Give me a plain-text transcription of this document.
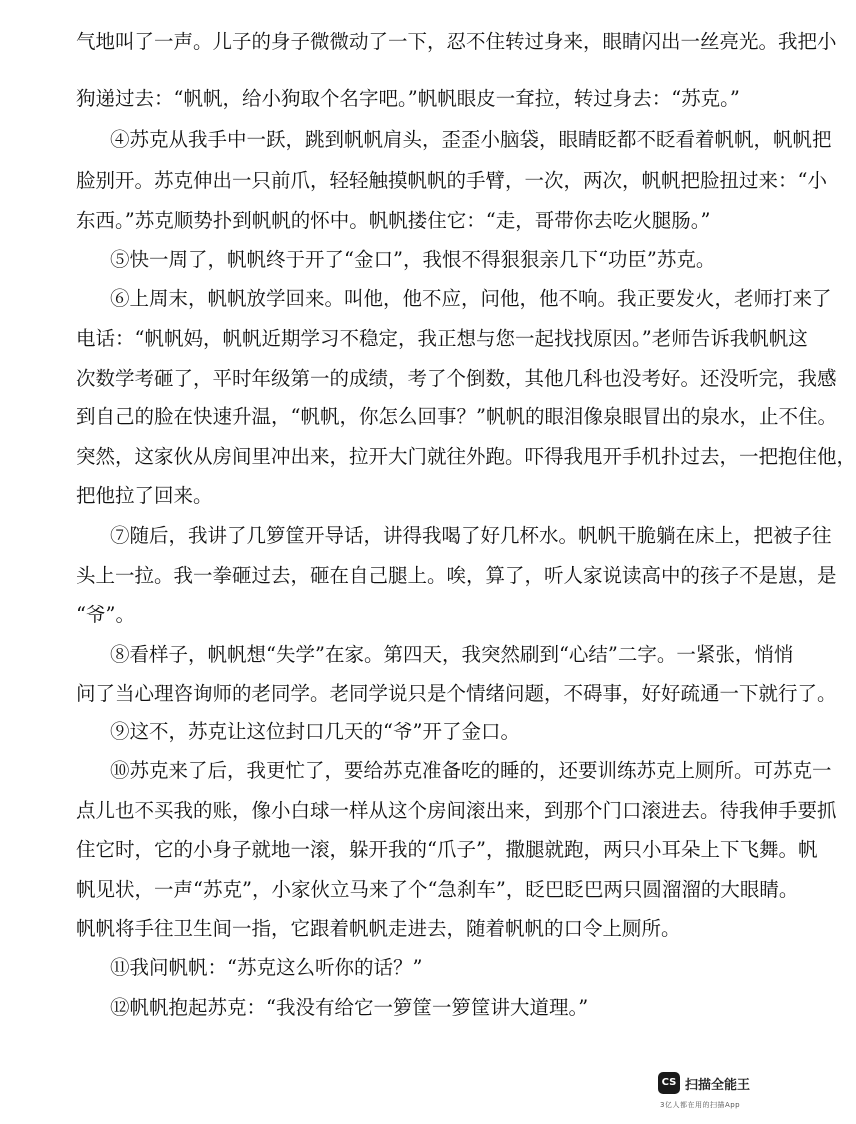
气地叫了一声。儿子的身子微微动了一下，忍不住转过身来，眼睛闪出一丝亮光。我把小
狗递过去：“帆帆，给小狗取个名字吧。”帆帆眼皮一耷拉，转过身去：“苏克。”
④苏克从我手中一跃，跳到帆帆肩头，歪歪小脑袋，眼睛眨都不眨看着帆帆，帆帆把
脸别开。苏克伸出一只前爪，轻轻触摸帆帆的手臂，一次，两次，帆帆把脸扭过来：“小
东西。”苏克顺势扑到帆帆的怀中。帆帆搂住它：“走，哥带你去吃火腿肠。”
⑤快一周了，帆帆终于开了“金口”，我恨不得狠狠亲几下“功臣”苏克。
⑥上周末，帆帆放学回来。叫他，他不应，问他，他不响。我正要发火，老师打来了
电话：“帆帆妈，帆帆近期学习不稳定，我正想与您一起找找原因。”老师告诉我帆帆这
次数学考砸了，平时年级第一的成绩，考了个倒数，其他几科也没考好。还没听完，我感
到自己的脸在快速升温，“帆帆，你怎么回事？”帆帆的眼泪像泉眼冒出的泉水，止不住。
突然，这家伙从房间里冲出来，拉开大门就往外跑。吓得我甩开手机扑过去，一把抱住他，
把他拉了回来。
⑦随后，我讲了几箩筐开导话，讲得我喝了好几杯水。帆帆干脆躺在床上，把被子往
头上一拉。我一拳砸过去，砸在自己腿上。唉，算了，听人家说读高中的孩子不是崽，是
“爷”。
⑧看样子，帆帆想“失学”在家。第四天，我突然刷到“心结”二字。一紧张，悄悄
问了当心理咨询师的老同学。老同学说只是个情绪问题，不碍事，好好疏通一下就行了。
⑨这不，苏克让这位封口几天的“爷”开了金口。
⑩苏克来了后，我更忙了，要给苏克准备吃的睡的，还要训练苏克上厕所。可苏克一
点儿也不买我的账，像小白球一样从这个房间滚出来，到那个门口滚进去。待我伸手要抓
住它时，它的小身子就地一滚，躲开我的“爪子”，撒腿就跑，两只小耳朵上下飞舞。帆
帆见状，一声“苏克”，小家伙立马来了个“急刹车”，眨巴眨巴两只圆溜溜的大眼睛。
帆帆将手往卫生间一指，它跟着帆帆走进去，随着帆帆的口令上厕所。
⑪我问帆帆：“苏克这么听你的话？”
⑫帆帆抱起苏克：“我没有给它一箩筐一箩筐讲大道理。”
CS 扫描全能王
3亿人都在用的扫描App
